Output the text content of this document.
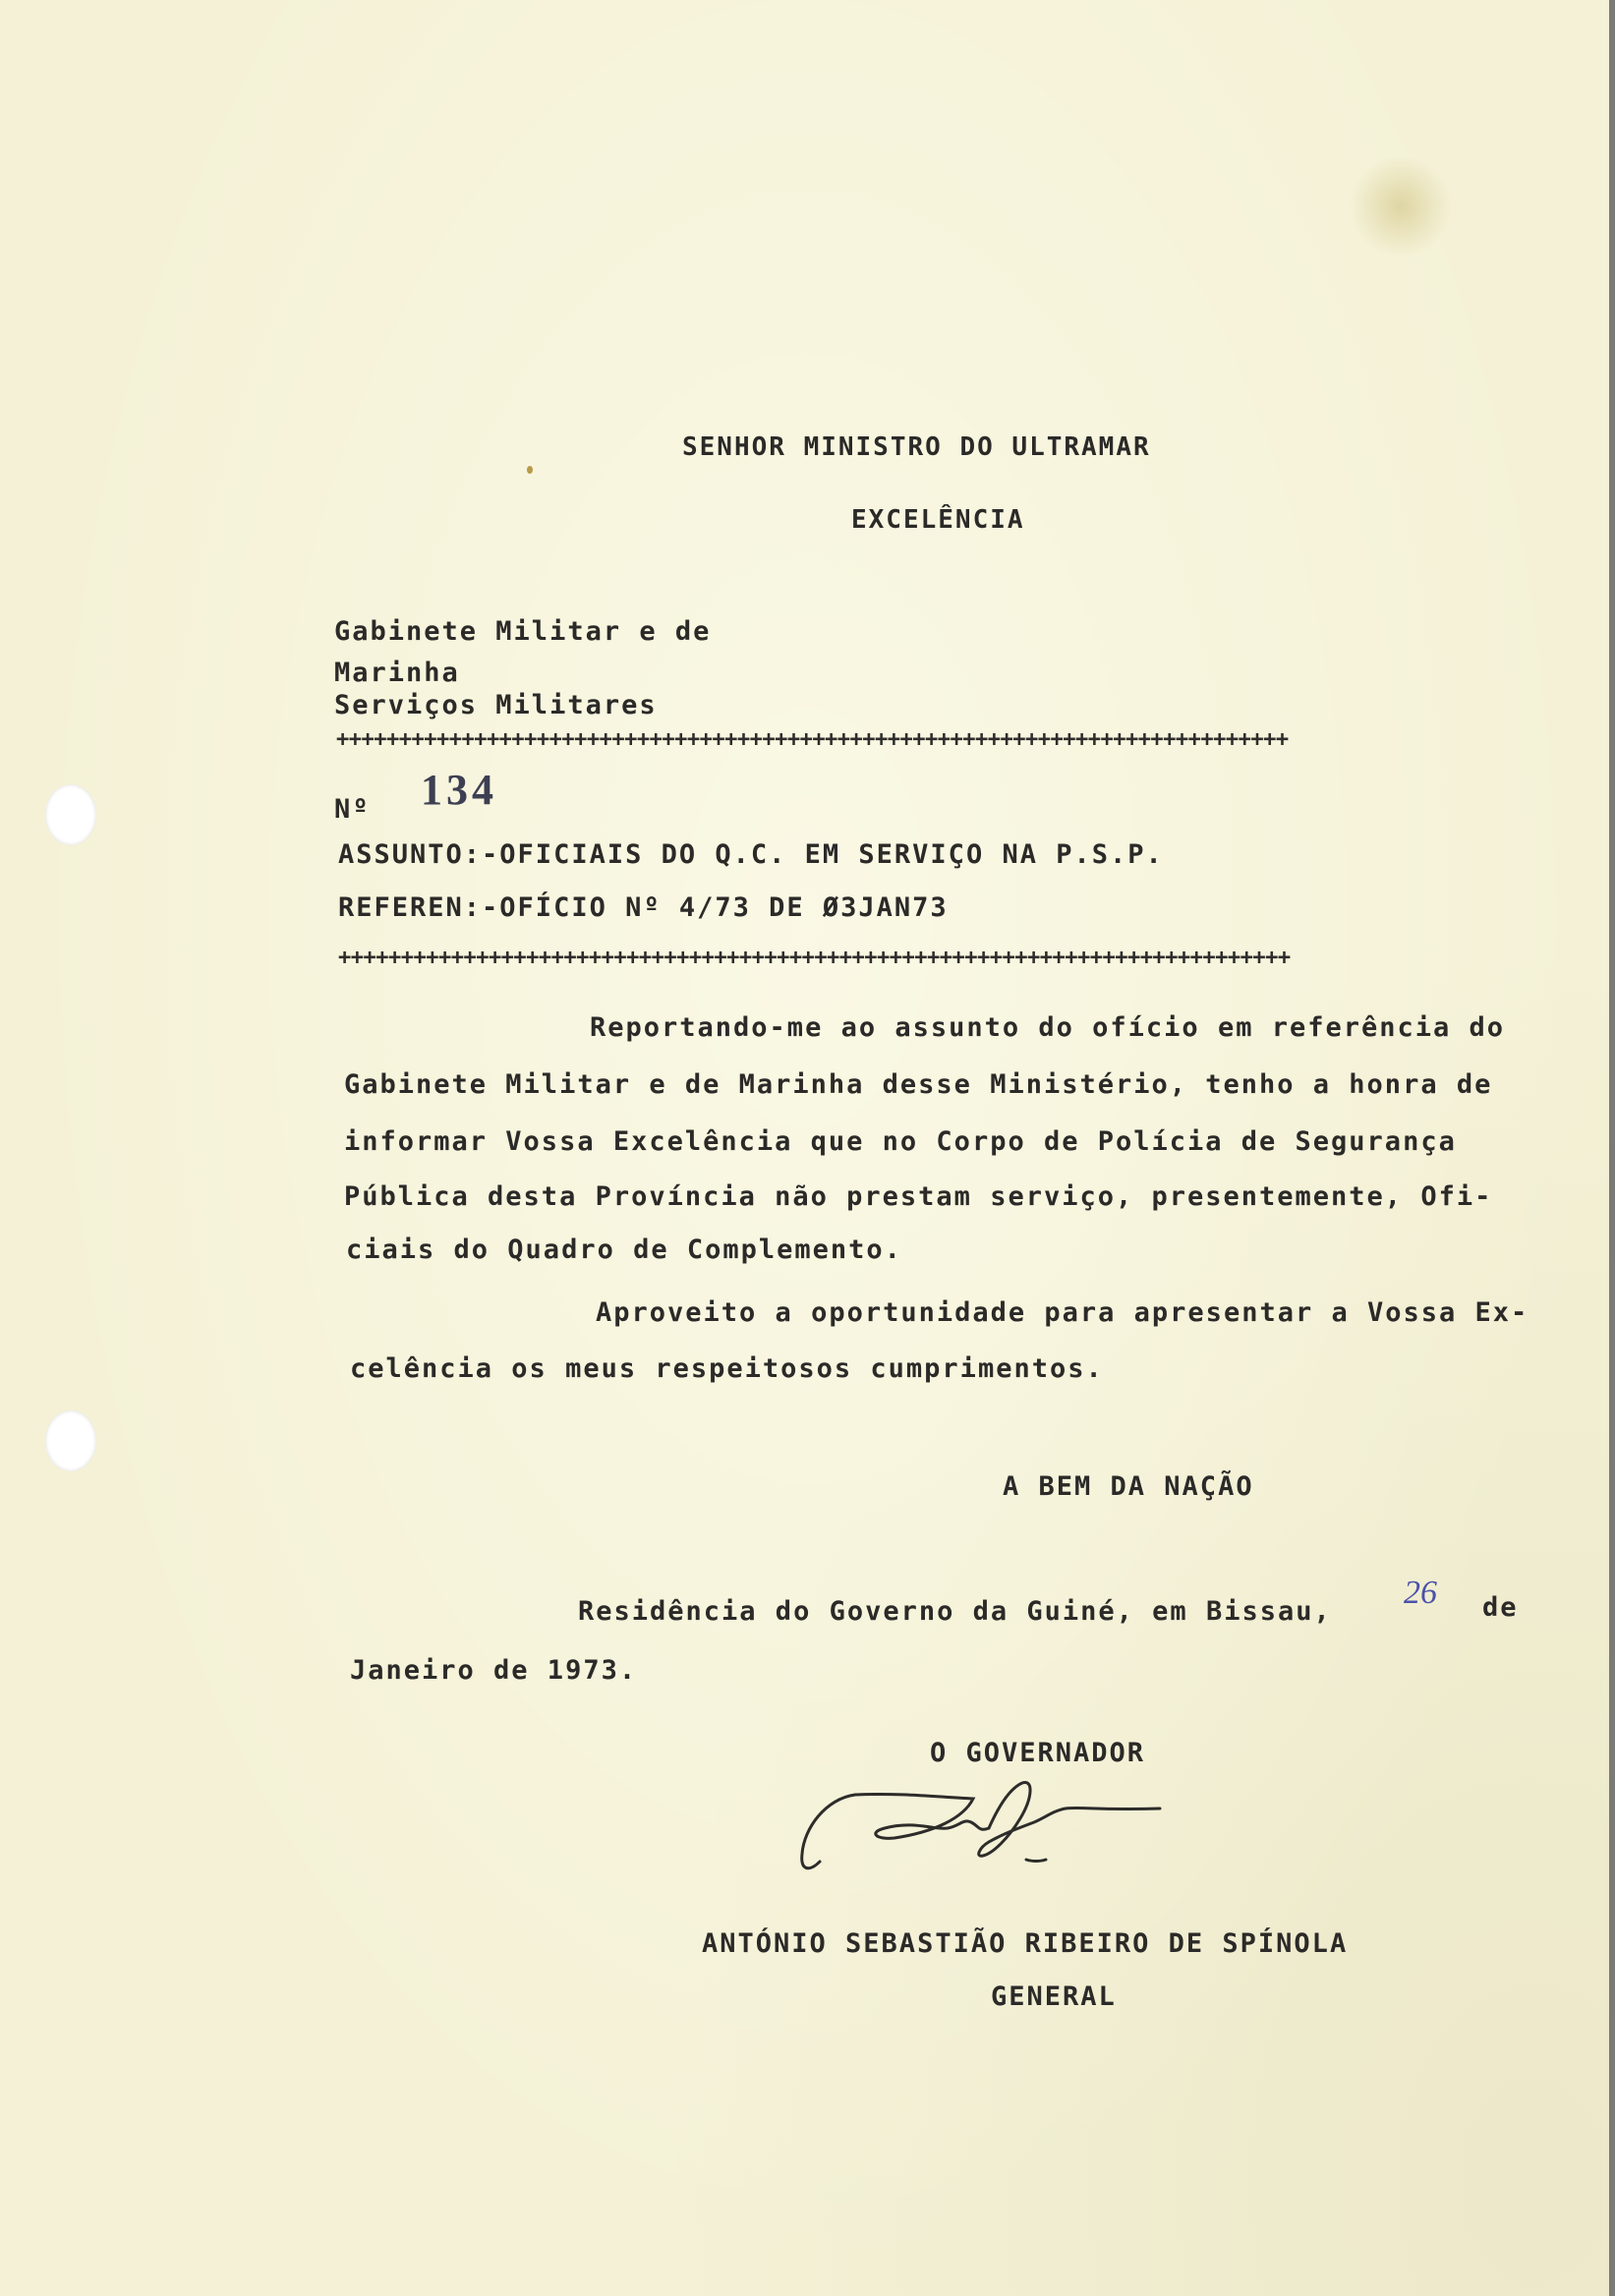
SENHOR MINISTRO DO ULTRAMAR
EXCELÊNCIA
Gabinete Militar e de
Marinha
Serviços Militares
++++++++++++++++++++++++++++++++++++++++++++++++++++++++++++++++++++++++++++
Nº 134
ASSUNTO:-OFICIAIS DO Q.C. EM SERVIÇO NA P.S.P.
REFEREN:-OFÍCIO Nº 4/73 DE Ø3JAN73
++++++++++++++++++++++++++++++++++++++++++++++++++++++++++++++++++++++++++++
Reportando-me ao assunto do ofício em referência do
Gabinete Militar e de Marinha desse Ministério, tenho a honra de
informar Vossa Excelência que no Corpo de Polícia de Segurança
Pública desta Província não prestam serviço, presentemente, Ofi-
ciais do Quadro de Complemento.
Aproveito a oportunidade para apresentar a Vossa Ex-
celência os meus respeitosos cumprimentos.
A BEM DA NAÇÃO
Residência do Governo da Guiné, em Bissau,
26 de
Janeiro de 1973.
O GOVERNADOR
ANTÓNIO SEBASTIÃO RIBEIRO DE SPÍNOLA
GENERAL
